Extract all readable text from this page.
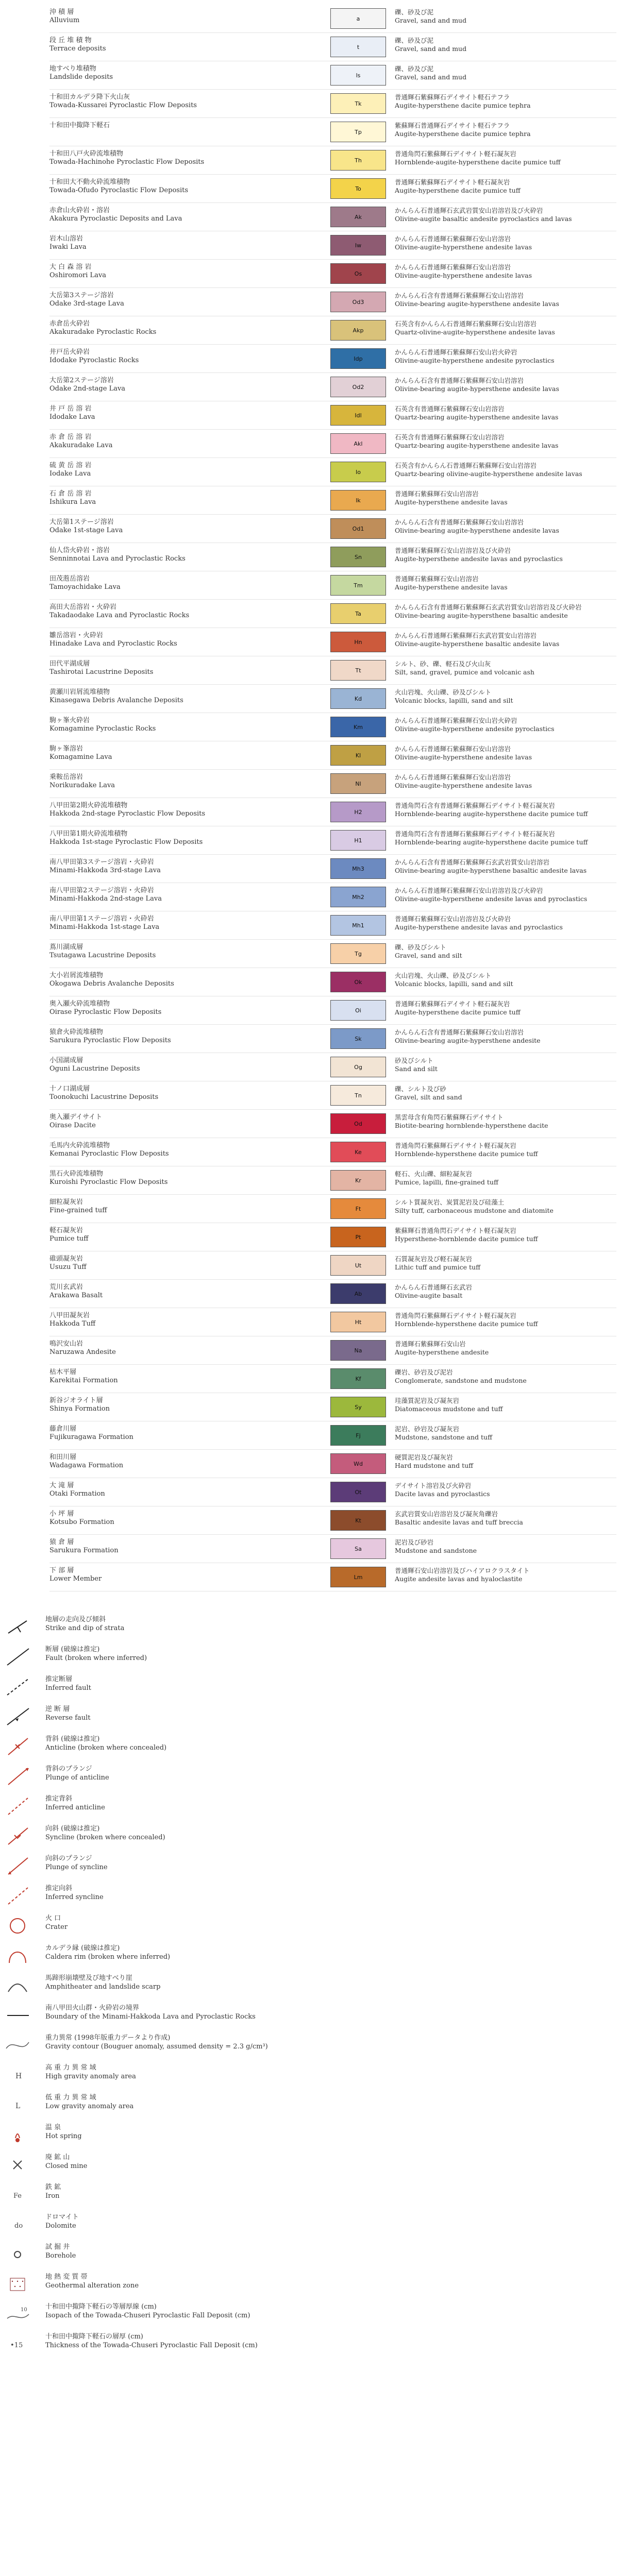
沖 積 層
Alluvium	a
礫、砂及び泥
Gravel, sand and mud
段 丘 堆 積 物
Terrace deposits	t
礫、砂及び泥
Gravel, sand and mud
地すべり堆積物
Landslide deposits	ls
礫、砂及び泥
Gravel, sand and mud
十和田カルデラ降下火山灰
Towada-Kussarei Pyroclastic Flow Deposits	Tk
普通輝石紫蘇輝石デイサイト軽石テフラ
Augite-hypersthene dacite pumice tephra
十和田中掫降下軽石
Tp
紫蘇輝石普通輝石デイサイト軽石テフラ
Augite-hypersthene dacite pumice tephra
十和田八戸火砕流堆積物
Towada-Hachinohe Pyroclastic Flow Deposits	Th
普通角閃石紫蘇輝石デイサイト軽石凝灰岩
Hornblende-augite-hypersthene dacite pumice tuff
十和田大不動火砕流堆積物
Towada-Ofudo Pyroclastic Flow Deposits	To
普通輝石紫蘇輝石デイサイト軽石凝灰岩
Augite-hypersthene dacite pumice tuff
赤倉山火砕岩・溶岩
Akakura Pyroclastic Deposits and Lava	Ak
かんらん石普通輝石玄武岩質安山岩溶岩及び火砕岩
Olivine-augite basaltic andesite pyroclastics and lavas
岩木山溶岩
Iwaki Lava	Iw
かんらん石普通輝石紫蘇輝石安山岩溶岩
Olivine-augite-hypersthene andesite lavas
大 白 森 溶 岩
Oshiromori Lava	Os
かんらん石普通輝石紫蘇輝石安山岩溶岩
Olivine-augite-hypersthene andesite lavas
大岳第3ステージ溶岩
Odake 3rd-stage Lava	Od3
かんらん石含有普通輝石紫蘇輝石安山岩溶岩
Olivine-bearing augite-hypersthene andesite lavas
赤倉岳火砕岩
Akakuradake Pyroclastic Rocks	Akp
石英含有かんらん石普通輝石紫蘇輝石安山岩溶岩
Quartz-olivine-augite-hypersthene andesite lavas
井戸岳火砕岩
Idodake Pyroclastic Rocks	Idp
かんらん石普通輝石紫蘇輝石安山岩火砕岩
Olivine-augite-hypersthene andesite pyroclastics
大岳第2ステージ溶岩
Odake 2nd-stage Lava	Od2
かんらん石含有普通輝石紫蘇輝石安山岩溶岩
Olivine-bearing augite-hypersthene andesite lavas
井 戸 岳 溶 岩
Idodake Lava	Idl
石英含有普通輝石紫蘇輝石安山岩溶岩
Quartz-bearing augite-hypersthene andesite lavas
赤 倉 岳 溶 岩
Akakuradake Lava	Akl
石英含有普通輝石紫蘇輝石安山岩溶岩
Quartz-bearing augite-hypersthene andesite lavas
硫 黄 岳 溶 岩
Iodake Lava	Io
石英含有かんらん石普通輝石紫蘇輝石安山岩溶岩
Quartz-bearing olivine-augite-hypersthene andesite lavas
石 倉 岳 溶 岩
Ishikura Lava	Ik
普通輝石紫蘇輝石安山岩溶岩
Augite-hypersthene andesite lavas
大岳第1ステージ溶岩
Odake 1st-stage Lava	Od1
かんらん石含有普通輝石紫蘇輝石安山岩溶岩
Olivine-bearing augite-hypersthene andesite lavas
仙人岱火砕岩・溶岩
Senninnotai Lava and Pyroclastic Rocks	Sn
普通輝石紫蘇輝石安山岩溶岩及び火砕岩
Augite-hypersthene andesite lavas and pyroclastics
田茂萢岳溶岩
Tamoyachidake Lava	Tm
普通輝石紫蘇輝石安山岩溶岩
Augite-hypersthene andesite lavas
高田大岳溶岩・火砕岩
Takadaodake Lava and Pyroclastic Rocks	Ta
かんらん石含有普通輝石紫蘇輝石玄武岩質安山岩溶岩及び火砕岩
Olivine-bearing augite-hypersthene basaltic andesite
雛岳溶岩・火砕岩
Hinadake Lava and Pyroclastic Rocks	Hn
かんらん石普通輝石紫蘇輝石玄武岩質安山岩溶岩
Olivine-augite-hypersthene basaltic andesite lavas
田代平湖成層
Tashirotai Lacustrine Deposits	Tt
シルト、砂、礫、軽石及び火山灰
Silt, sand, gravel, pumice and volcanic ash
黄瀬川岩屑流堆積物
Kinasegawa Debris Avalanche Deposits	Kd
火山岩塊、火山礫、砂及びシルト
Volcanic blocks, lapilli, sand and silt
駒ヶ峯火砕岩
Komagamine Pyroclastic Rocks	Km
かんらん石普通輝石紫蘇輝石安山岩火砕岩
Olivine-augite-hypersthene andesite pyroclastics
駒ヶ峯溶岩
Komagamine Lava	Kl
かんらん石普通輝石紫蘇輝石安山岩溶岩
Olivine-augite-hypersthene andesite lavas
乗鞍岳溶岩
Norikuradake Lava	Nl
かんらん石普通輝石紫蘇輝石安山岩溶岩
Olivine-augite-hypersthene andesite lavas
八甲田第2期火砕流堆積物
Hakkoda 2nd-stage Pyroclastic Flow Deposits	H2
普通角閃石含有普通輝石紫蘇輝石デイサイト軽石凝灰岩
Hornblende-bearing augite-hypersthene dacite pumice tuff
八甲田第1期火砕流堆積物
Hakkoda 1st-stage Pyroclastic Flow Deposits	H1
普通角閃石含有普通輝石紫蘇輝石デイサイト軽石凝灰岩
Hornblende-bearing augite-hypersthene dacite pumice tuff
南八甲田第3ステージ溶岩・火砕岩
Minami-Hakkoda 3rd-stage Lava	Mh3
かんらん石含有普通輝石紫蘇輝石玄武岩質安山岩溶岩
Olivine-bearing augite-hypersthene basaltic andesite lavas
南八甲田第2ステージ溶岩・火砕岩
Minami-Hakkoda 2nd-stage Lava	Mh2
かんらん石普通輝石紫蘇輝石安山岩溶岩及び火砕岩
Olivine-augite-hypersthene andesite lavas and pyroclastics
南八甲田第1ステージ溶岩・火砕岩
Minami-Hakkoda 1st-stage Lava	Mh1
普通輝石紫蘇輝石安山岩溶岩及び火砕岩
Augite-hypersthene andesite lavas and pyroclastics
蔦川湖成層
Tsutagawa Lacustrine Deposits	Tg
礫、砂及びシルト
Gravel, sand and silt
大小岩屑流堆積物
Okogawa Debris Avalanche Deposits	Ok
火山岩塊、火山礫、砂及びシルト
Volcanic blocks, lapilli, sand and silt
奥入瀬火砕流堆積物
Oirase Pyroclastic Flow Deposits	Oi
普通輝石紫蘇輝石デイサイト軽石凝灰岩
Augite-hypersthene dacite pumice tuff
猿倉火砕流堆積物
Sarukura Pyroclastic Flow Deposits	Sk
かんらん石含有普通輝石紫蘇輝石安山岩溶岩
Olivine-bearing augite-hypersthene andesite
小国湖成層
Oguni Lacustrine Deposits	Og
砂及びシルト
Sand and silt
十ノ口湖成層
Toonokuchi Lacustrine Deposits	Tn
礫、シルト及び砂
Gravel, silt and sand
奥入瀬デイサイト
Oirase Dacite	Od
黒雲母含有角閃石紫蘇輝石デイサイト
Biotite-bearing hornblende-hypersthene dacite
毛馬内火砕流堆積物
Kemanai Pyroclastic Flow Deposits	Ke
普通角閃石紫蘇輝石デイサイト軽石凝灰岩
Hornblende-hypersthene dacite pumice tuff
黒石火砕流堆積物
Kuroishi Pyroclastic Flow Deposits	Kr
軽石、火山礫、細粒凝灰岩
Pumice, lapilli, fine-grained tuff
細粒凝灰岩
Fine-grained tuff	Ft
シルト質凝灰岩、炭質泥岩及び硅藻土
Silty tuff, carbonaceous mudstone and diatomite
軽石凝灰岩
Pumice tuff	Pt
紫蘇輝石普通角閃石デイサイト軽石凝灰岩
Hypersthene-hornblende dacite pumice tuff
碓頭凝灰岩
Usuzu Tuff	Ut
石質凝灰岩及び軽石凝灰岩
Lithic tuff and pumice tuff
荒川玄武岩
Arakawa Basalt	Ab
かんらん石普通輝石玄武岩
Olivine-augite basalt
八甲田凝灰岩
Hakkoda Tuff	Ht
普通角閃石紫蘇輝石デイサイト軽石凝灰岩
Hornblende-hypersthene dacite pumice tuff
鳴沢安山岩
Naruzawa Andesite	Na
普通輝石紫蘇輝石安山岩
Augite-hypersthene andesite
枯木平層
Karekitai Formation	Kf
礫岩、砂岩及び泥岩
Conglomerate, sandstone and mudstone
新谷ジオライト層
Shinya Formation	Sy
珪藻質泥岩及び凝灰岩
Diatomaceous mudstone and tuff
藤倉川層
Fujikuragawa Formation	Fj
泥岩、砂岩及び凝灰岩
Mudstone, sandstone and tuff
和田川層
Wadagawa Formation	Wd
硬質泥岩及び凝灰岩
Hard mudstone and tuff
大 滝 層
Otaki Formation	Ot
デイサイト溶岩及び火砕岩
Dacite lavas and pyroclastics
小 坪 層
Kotsubo Formation	Kt
玄武岩質安山岩溶岩及び凝灰角礫岩
Basaltic andesite lavas and tuff breccia
猿 倉 層
Sarukura Formation	Sa
泥岩及び砂岩
Mudstone and sandstone
下 部 層
Lower Member	Lm
普通輝石安山岩溶岩及びハイアロクラスタイト
Augite andesite lavas and hyaloclastite
地層の走向及び傾斜
Strike and dip of strata
断層 (破線は推定)
Fault (broken where inferred)
推定断層
Inferred fault
逆 断 層
Reverse fault
背斜 (破線は推定)
Anticline (broken where concealed)
背斜のプランジ
Plunge of anticline
推定背斜
Inferred anticline
向斜 (破線は推定)
Syncline (broken where concealed)
向斜のプランジ
Plunge of syncline
推定向斜
Inferred syncline
火 口
Crater
カルデラ縁 (破線は推定)
Caldera rim (broken where inferred)
馬蹄形崩壊壁及び地すべり崖
Amphitheater and landslide scarp
南八甲田火山群・火砕岩の境界
Boundary of the Minami-Hakkoda Lava and Pyroclastic Rocks
重力異常 (1998年版重力データより作成)
Gravity contour (Bouguer anomaly, assumed density = 2.3 g/cm³)
H
高 重 力 異 常 域
High gravity anomaly area
L
低 重 力 異 常 域
Low gravity anomaly area
温 泉
Hot spring
廃 鉱 山
Closed mine
Fe
鉄 鉱
Iron
do
ドロマイト
Dolomite
試 掘 井
Borehole
地 熱 変 質 帯
Geothermal alteration zone
10	十和田中掫降下軽石の等層厚線 (cm)
Isopach of the Towada-Chuseri Pyroclastic Fall Deposit (cm)
•15
十和田中掫降下軽石の層厚 (cm)
Thickness of the Towada-Chuseri Pyroclastic Fall Deposit (cm)
